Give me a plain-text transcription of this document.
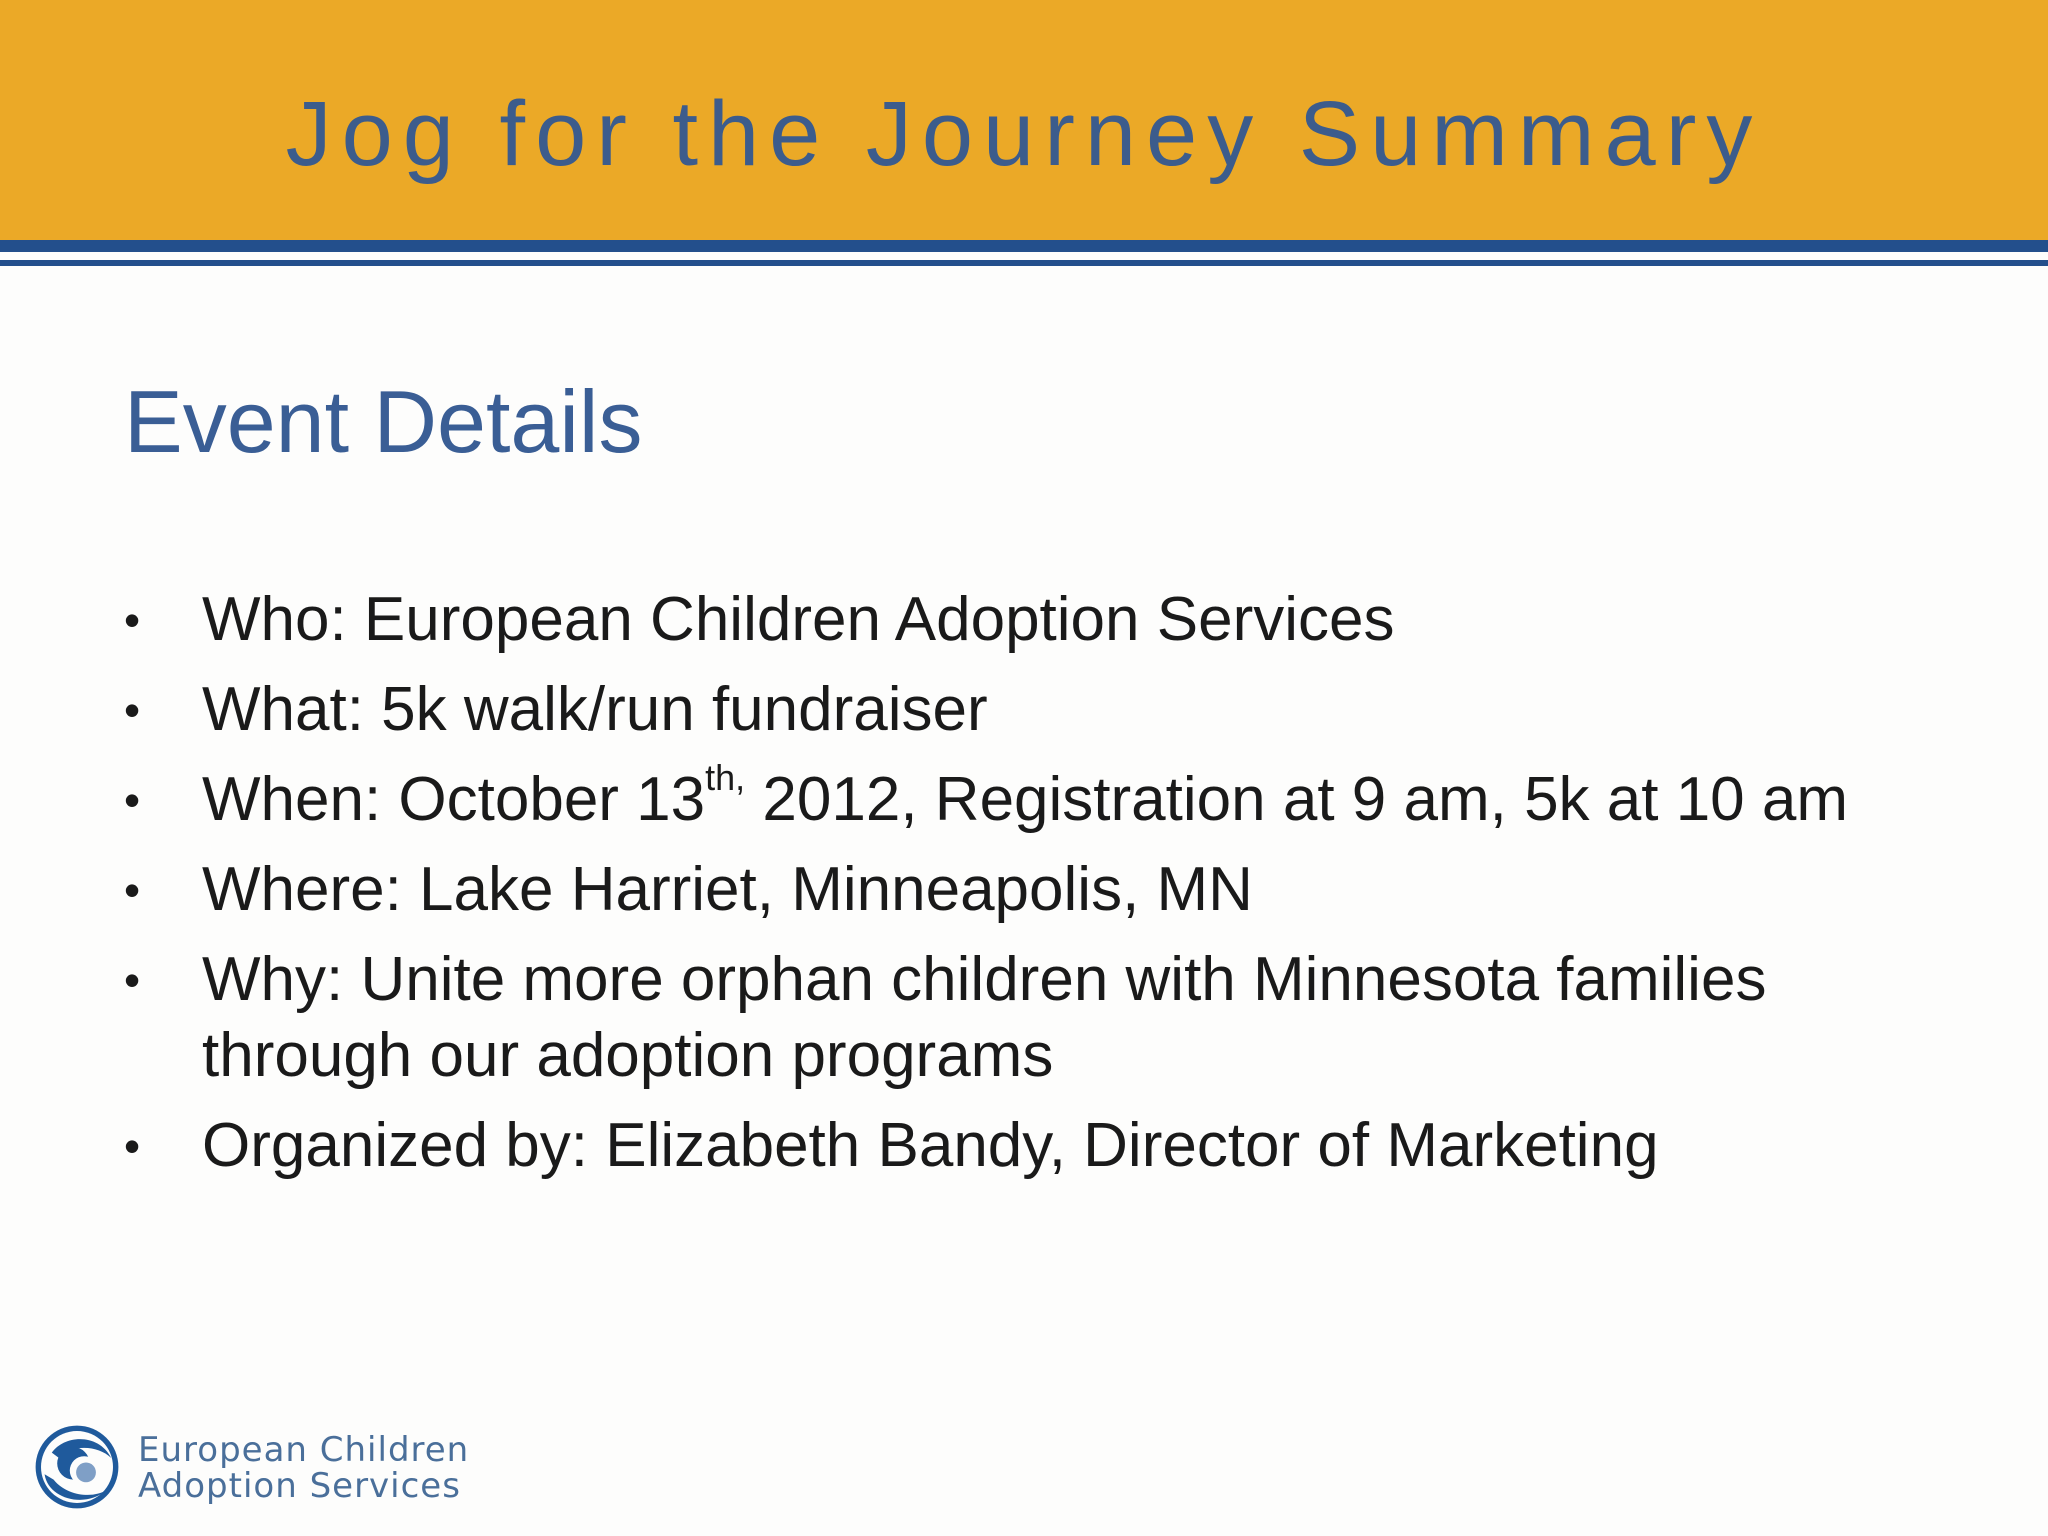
Jog for the Journey Summary
Event Details
• Who: European Children Adoption Services
• What: 5k walk/run fundraiser
• When: October $13^{th,}$ 2012, Registration at 9 am, 5k at 10 am
• Where: Lake Harriet, Minneapolis, MN
• Why: Unite more orphan children with Minnesota families through our adoption programs
• Organized by: Elizabeth Bandy, Director of Marketing
European Children
Adoption Services
